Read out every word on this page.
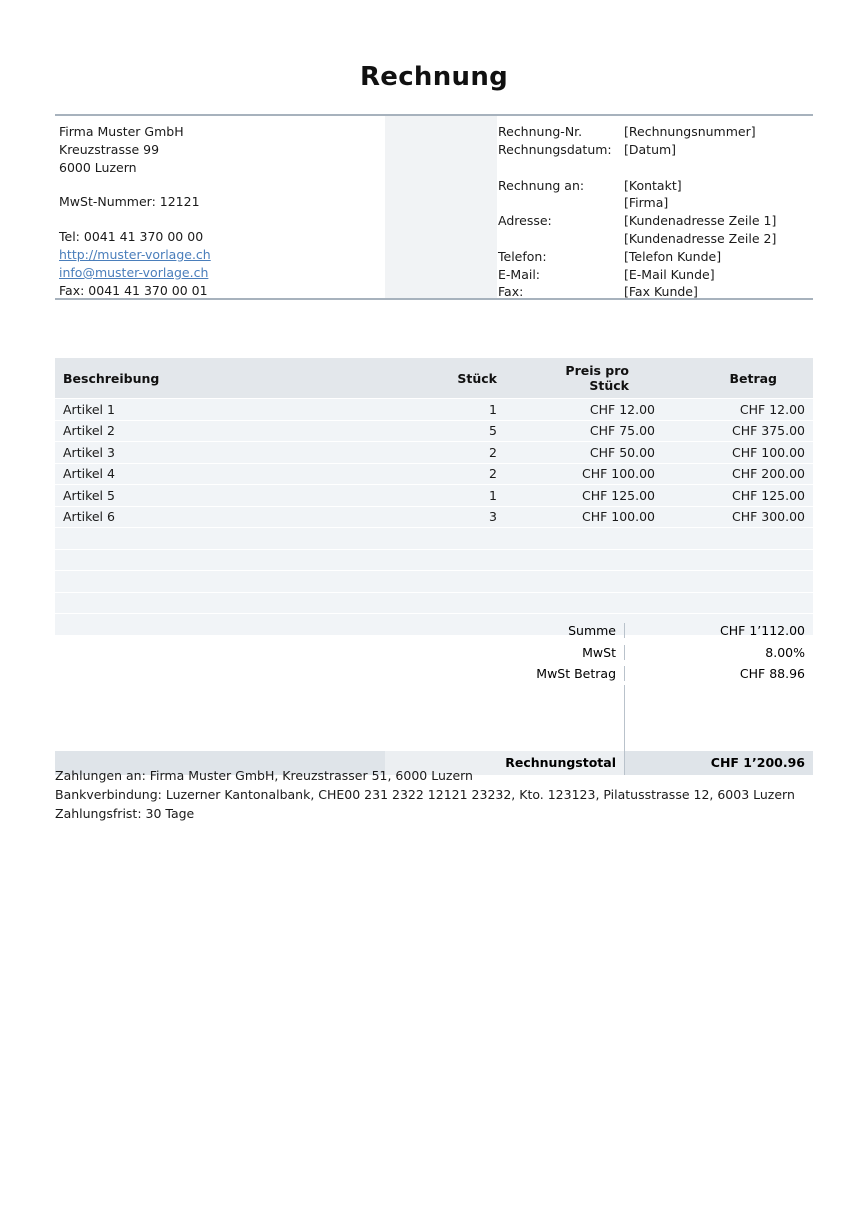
Rechnung
Firma Muster GmbH
Kreuzstrasse 99
6000 Luzern
MwSt-Nummer: 12121
Tel: 0041 41 370 00 00
http://muster-vorlage.ch
info@muster-vorlage.ch
Fax: 0041 41 370 00 01
Rechnung-Nr.	[Rechnungsnummer]
Rechnungsdatum: [Datum]
Rechnung an:	[Kontakt]
[Firma]
Adresse:	[Kundenadresse Zeile 1]
[Kundenadresse Zeile 2]
Telefon:	[Telefon Kunde]
E-Mail:	[E-Mail Kunde]
Fax:	[Fax Kunde]
Beschreibung	Stück	Preis pro Stück	Betrag
Artikel 1	1	CHF 12.00	CHF 12.00
Artikel 2	5	CHF 75.00	CHF 375.00
Artikel 3	2	CHF 50.00	CHF 100.00
Artikel 4	2	CHF 100.00	CHF 200.00
Artikel 5	1	CHF 125.00	CHF 125.00
Artikel 6	3	CHF 100.00	CHF 300.00

Summe	CHF 1’112.00
MwSt	8.00%
MwSt Betrag	CHF 88.96
Rechnungstotal	CHF 1’200.96
Zahlungen an: Firma Muster GmbH, Kreuzstrasser 51, 6000 Luzern
Bankverbindung: Luzerner Kantonalbank, CHE00 231 2322 12121 23232, Kto. 123123, Pilatusstrasse 12, 6003 Luzern
Zahlungsfrist: 30 Tage
